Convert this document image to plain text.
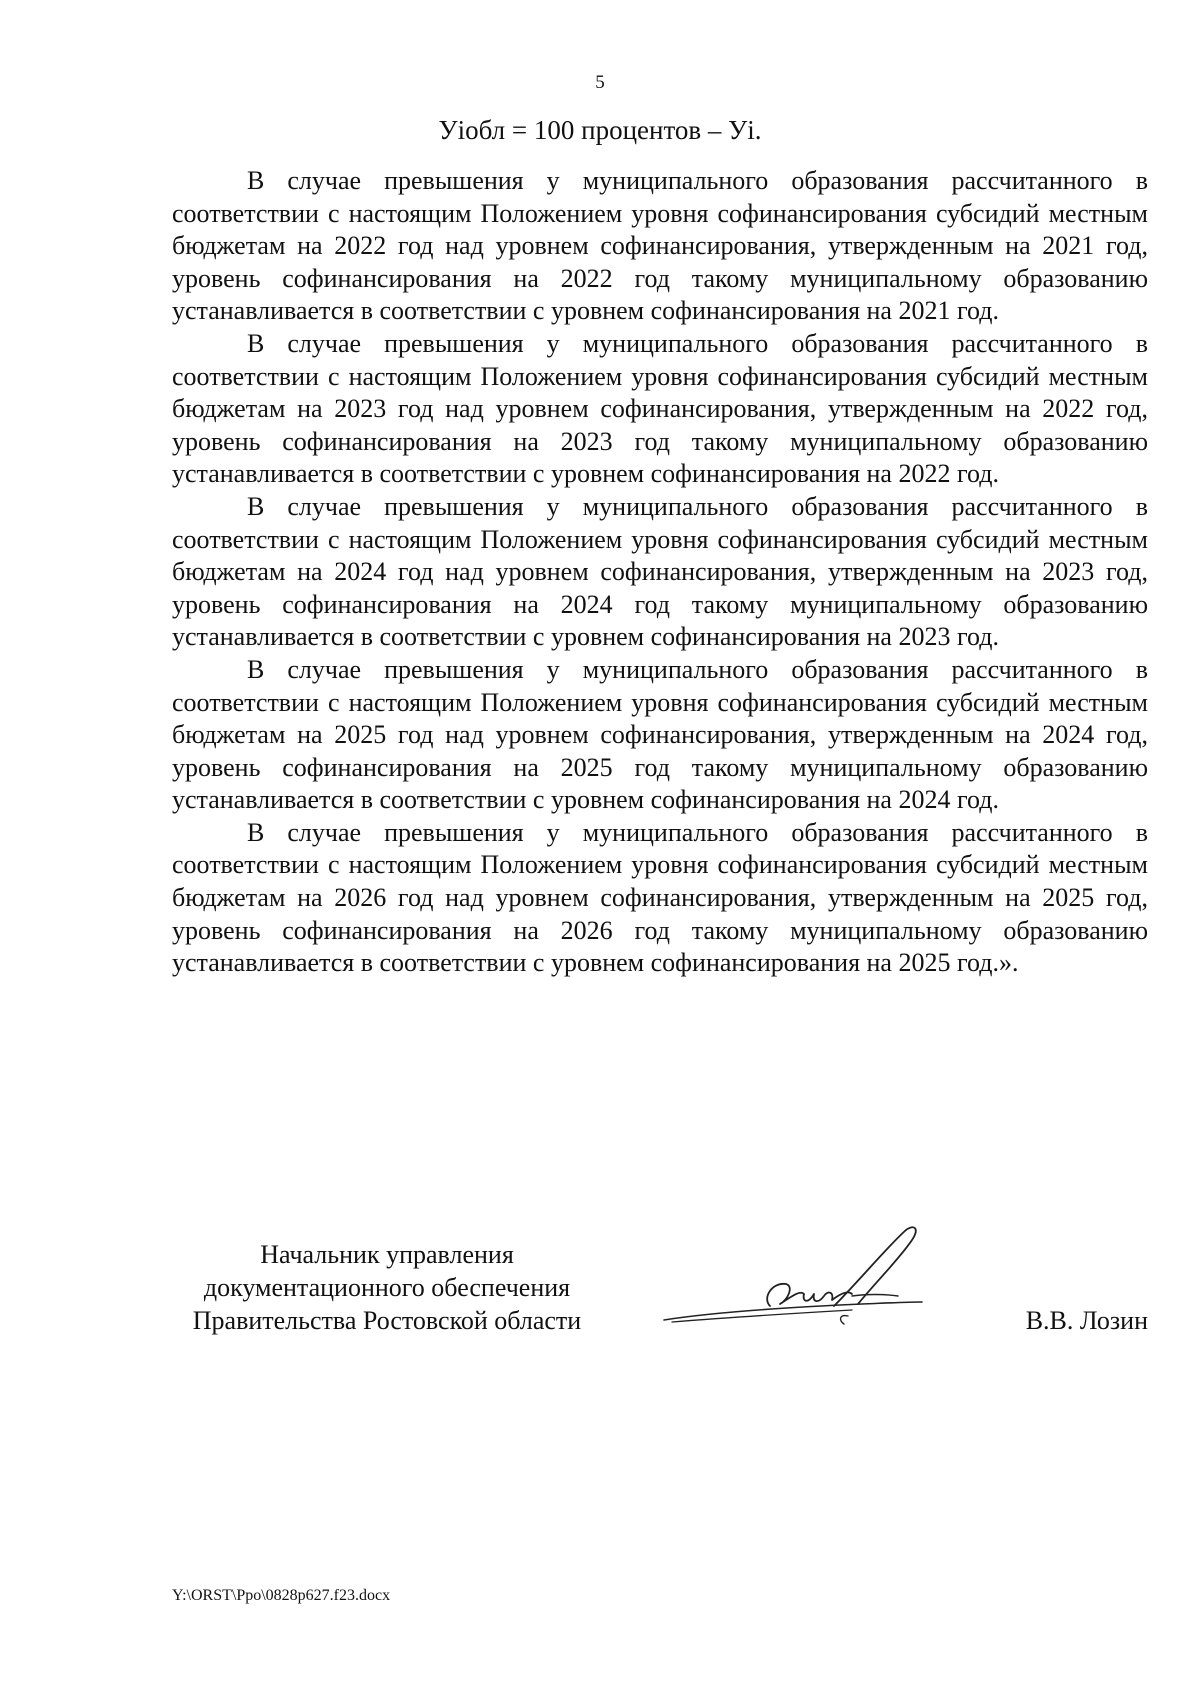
5
Уiобл = 100 процентов – Уi.

В случае превышения у муниципального образования рассчитанного в соответствии с настоящим Положением уровня софинансирования субсидий местным бюджетам на 2022 год над уровнем софинансирования, утвержденным на 2021 год, уровень софинансирования на 2022 год такому муниципальному образованию устанавливается в соответствии с уровнем софинансирования на 2021 год.

В случае превышения у муниципального образования рассчитанного в соответствии с настоящим Положением уровня софинансирования субсидий местным бюджетам на 2023 год над уровнем софинансирования, утвержденным на 2022 год, уровень софинансирования на 2023 год такому муниципальному образованию устанавливается в соответствии с уровнем софинансирования на 2022 год.

В случае превышения у муниципального образования рассчитанного в соответствии с настоящим Положением уровня софинансирования субсидий местным бюджетам на 2024 год над уровнем софинансирования, утвержденным на 2023 год, уровень софинансирования на 2024 год такому муниципальному образованию устанавливается в соответствии с уровнем софинансирования на 2023 год.

В случае превышения у муниципального образования рассчитанного в соответствии с настоящим Положением уровня софинансирования субсидий местным бюджетам на 2025 год над уровнем софинансирования, утвержденным на 2024 год, уровень софинансирования на 2025 год такому муниципальному образованию устанавливается в соответствии с уровнем софинансирования на 2024 год.

В случае превышения у муниципального образования рассчитанного в соответствии с настоящим Положением уровня софинансирования субсидий местным бюджетам на 2026 год над уровнем софинансирования, утвержденным на 2025 год, уровень софинансирования на 2026 год такому муниципальному образованию устанавливается в соответствии с уровнем софинансирования на 2025 год.».

Начальник управления
документационного обеспечения
Правительства Ростовской области	В.В. Лозин
Y:\ORST\Ppo\0828p627.f23.docx
